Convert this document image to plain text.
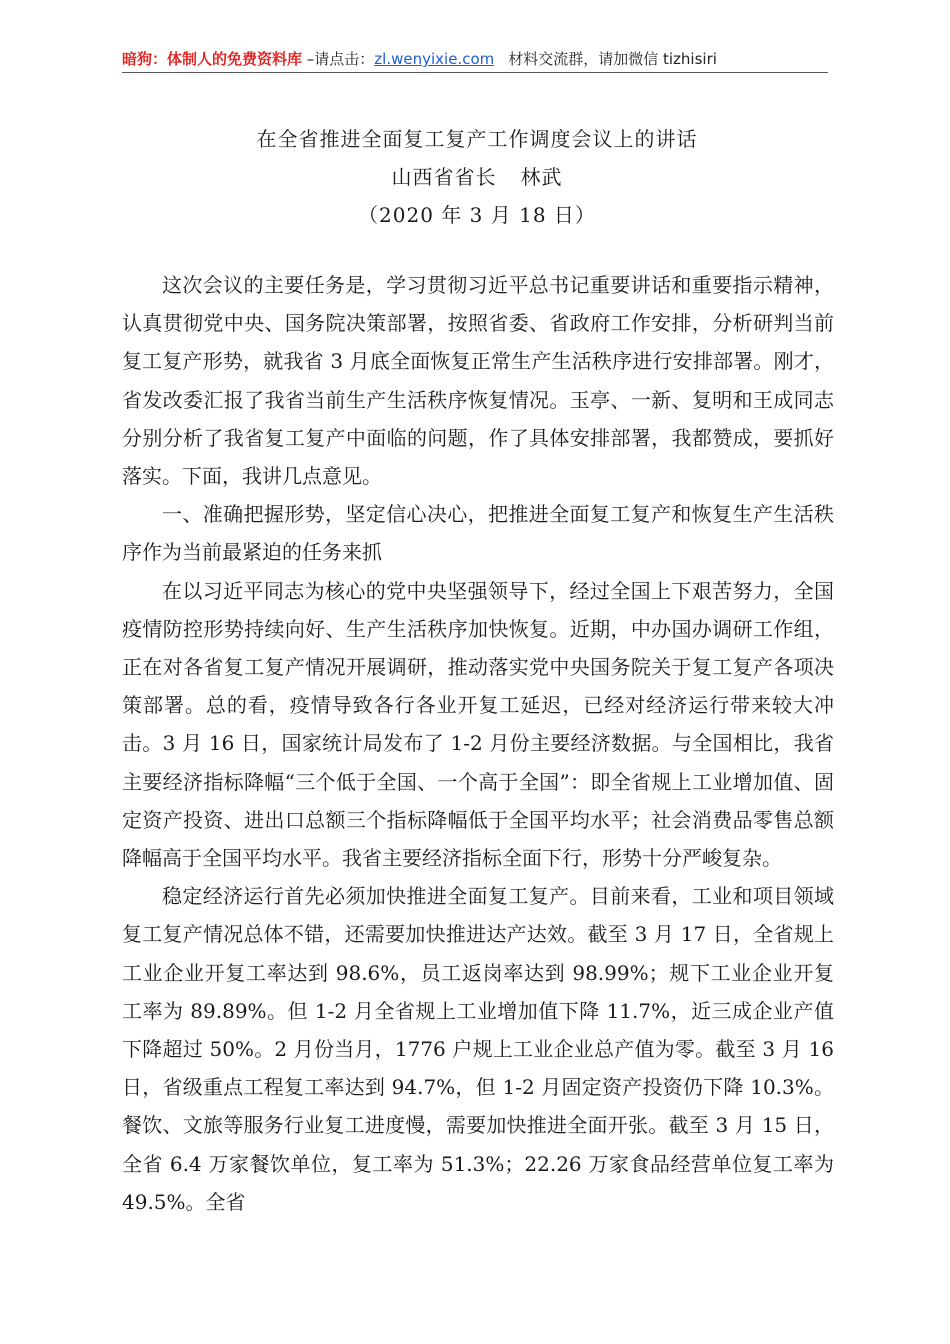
暗狗：体制人的免费资料库 –请点击：zl.wenyixie.com 材料交流群，请加微信 tizhisiri
在全省推进全面复工复产工作调度会议上的讲话
山西省省长 林武
（2020 年 3 月 18 日）

这次会议的主要任务是，学习贯彻习近平总书记重要讲话和重要指示精神，认真贯彻党中央、国务院决策部署，按照省委、省政府工作安排，分析研判当前复工复产形势，就我省 3 月底全面恢复正常生产生活秩序进行安排部署。刚才，省发改委汇报了我省当前生产生活秩序恢复情况。玉亭、一新、复明和王成同志分别分析了我省复工复产中面临的问题，作了具体安排部署，我都赞成，要抓好落实。下面，我讲几点意见。

一、准确把握形势，坚定信心决心，把推进全面复工复产和恢复生产生活秩序作为当前最紧迫的任务来抓

在以习近平同志为核心的党中央坚强领导下，经过全国上下艰苦努力，全国疫情防控形势持续向好、生产生活秩序加快恢复。近期，中办国办调研工作组，正在对各省复工复产情况开展调研，推动落实党中央国务院关于复工复产各项决策部署。总的看，疫情导致各行各业开复工延迟，已经对经济运行带来较大冲击。3 月 16 日，国家统计局发布了 1-2 月份主要经济数据。与全国相比，我省主要经济指标降幅“三个低于全国、一个高于全国”：即全省规上工业增加值、固定资产投资、进出口总额三个指标降幅低于全国平均水平；社会消费品零售总额降幅高于全国平均水平。我省主要经济指标全面下行，形势十分严峻复杂。

稳定经济运行首先必须加快推进全面复工复产。目前来看，工业和项目领域复工复产情况总体不错，还需要加快推进达产达效。截至 3 月 17 日，全省规上工业企业开复工率达到 98.6%，员工返岗率达到 98.99%；规下工业企业开复工率为 89.89%。但 1-2 月全省规上工业增加值下降 11.7%，近三成企业产值下降超过 50%。2 月份当月，1776 户规上工业企业总产值为零。截至 3 月 16 日，省级重点工程复工率达到 94.7%，但 1-2 月固定资产投资仍下降 10.3%。餐饮、文旅等服务行业复工进度慢，需要加快推进全面开张。截至 3 月 15 日，全省 6.4 万家餐饮单位，复工率为 51.3%；22.26 万家食品经营单位复工率为 49.5%。全省
